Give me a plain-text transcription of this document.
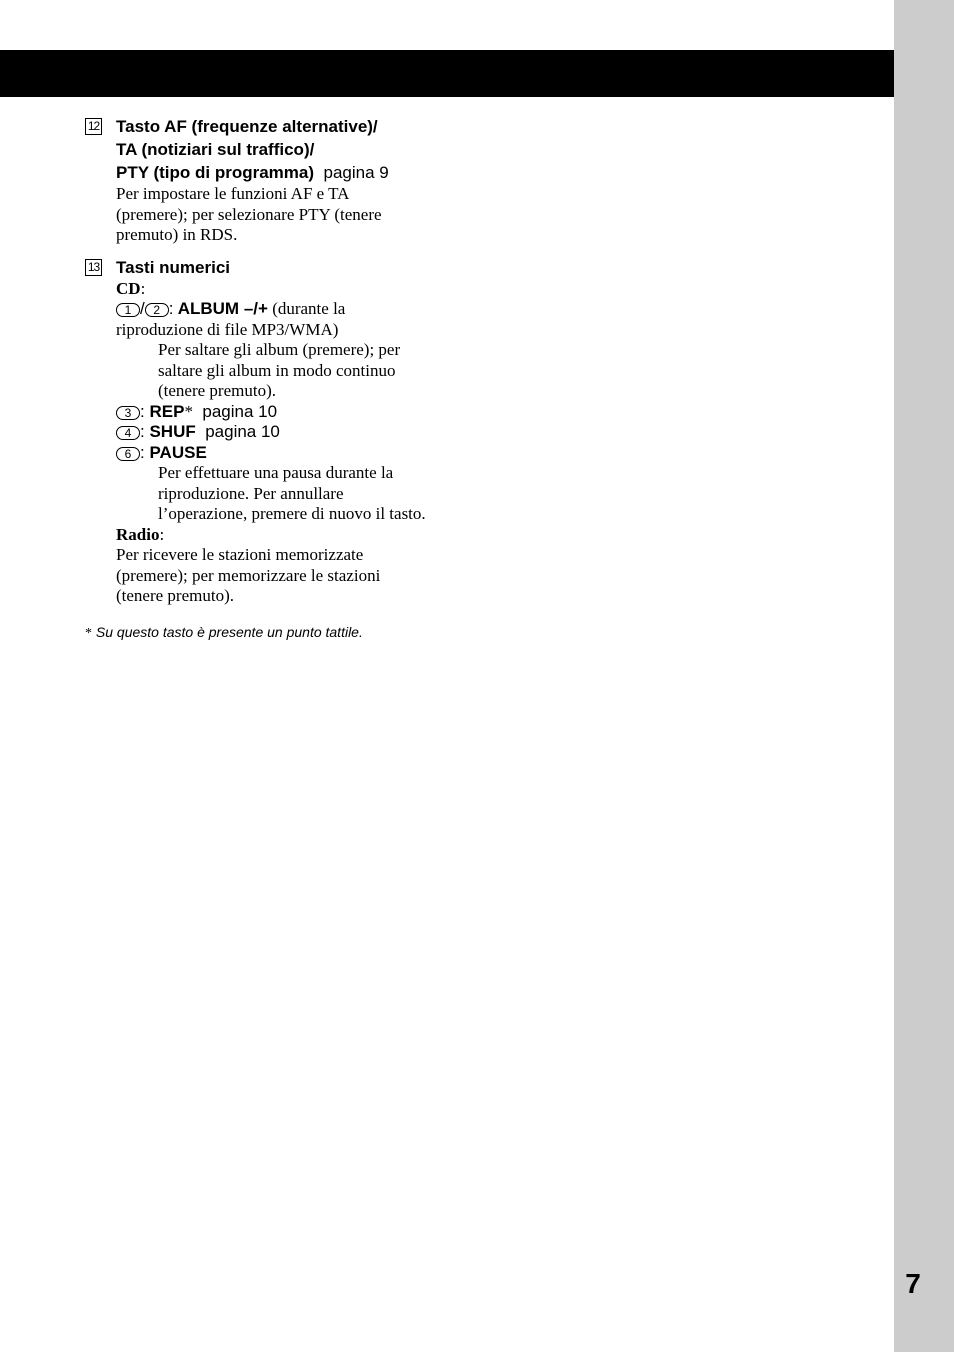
7
12 Tasto AF (frequenze alternative)/

TA (notiziari sul traffico)/

PTY (tipo di programma) pagina 9

Per impostare le funzioni AF e TA

(premere); per selezionare PTY (tenere

premuto) in RDS.

13 Tasti numerici

CD:

1 / 2 : ALBUM –/+ (durante la

riproduzione di file MP3/WMA)

Per saltare gli album (premere); per

saltare gli album in modo continuo

(tenere premuto).

3 : REP* pagina 10

4 : SHUF pagina 10

6 : PAUSE

Per effettuare una pausa durante la

riproduzione. Per annullare

l’operazione, premere di nuovo il tasto.

Radio:

Per ricevere le stazioni memorizzate

(premere); per memorizzare le stazioni

(tenere premuto).

* Su questo tasto è presente un punto tattile.
